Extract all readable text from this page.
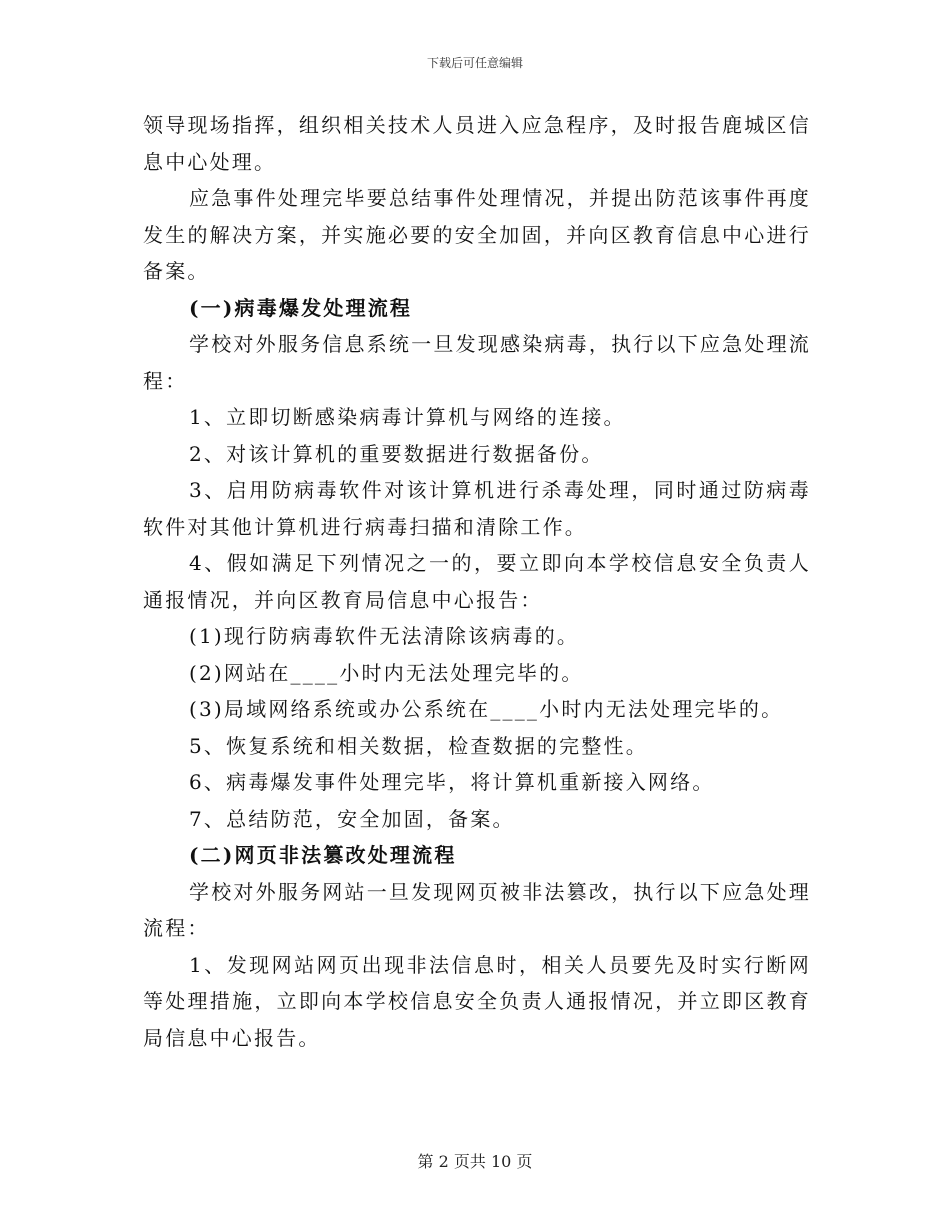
下载后可任意编辑

领导现场指挥，组织相关技术人员进入应急程序，及时报告鹿城区信息中心处理。

应急事件处理完毕要总结事件处理情况，并提出防范该事件再度发生的解决方案，并实施必要的安全加固，并向区教育信息中心进行备案。

(一)病毒爆发处理流程

学校对外服务信息系统一旦发现感染病毒，执行以下应急处理流程：

1、立即切断感染病毒计算机与网络的连接。

2、对该计算机的重要数据进行数据备份。

3、启用防病毒软件对该计算机进行杀毒处理，同时通过防病毒软件对其他计算机进行病毒扫描和清除工作。

4、假如满足下列情况之一的，要立即向本学校信息安全负责人通报情况，并向区教育局信息中心报告：

(1)现行防病毒软件无法清除该病毒的。

(2)网站在____小时内无法处理完毕的。

(3)局域网络系统或办公系统在____小时内无法处理完毕的。

5、恢复系统和相关数据，检查数据的完整性。

6、病毒爆发事件处理完毕，将计算机重新接入网络。

7、总结防范，安全加固，备案。

(二)网页非法篡改处理流程

学校对外服务网站一旦发现网页被非法篡改，执行以下应急处理流程：

1、发现网站网页出现非法信息时，相关人员要先及时实行断网等处理措施，立即向本学校信息安全负责人通报情况，并立即区教育局信息中心报告。

第 2 页共 10 页
